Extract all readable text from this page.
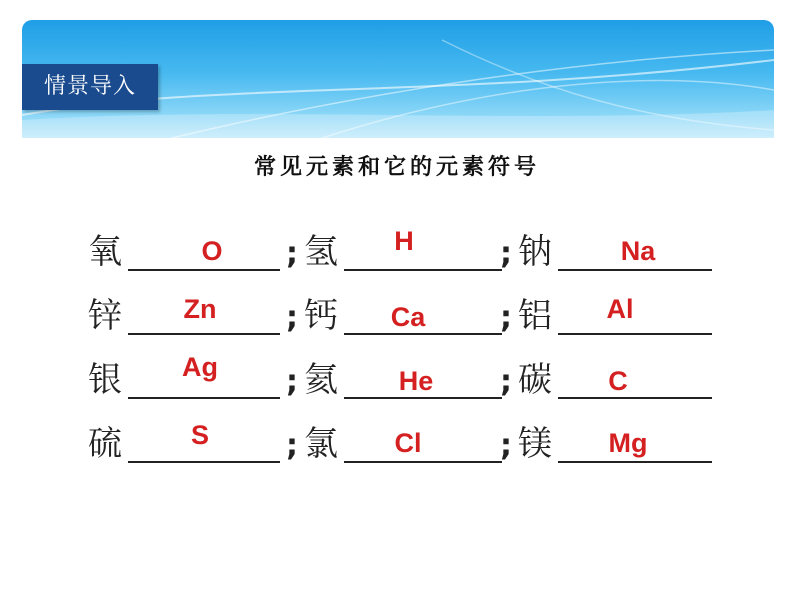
情景导入
常见元素和它的元素符号
氧	O	; 氢	H	; 钠	Na
锌	Zn	; 钙	Ca	; 铝	Al
银	Ag	; 氦	He	; 碳	C
硫	S	; 氯	Cl	; 镁	Mg
